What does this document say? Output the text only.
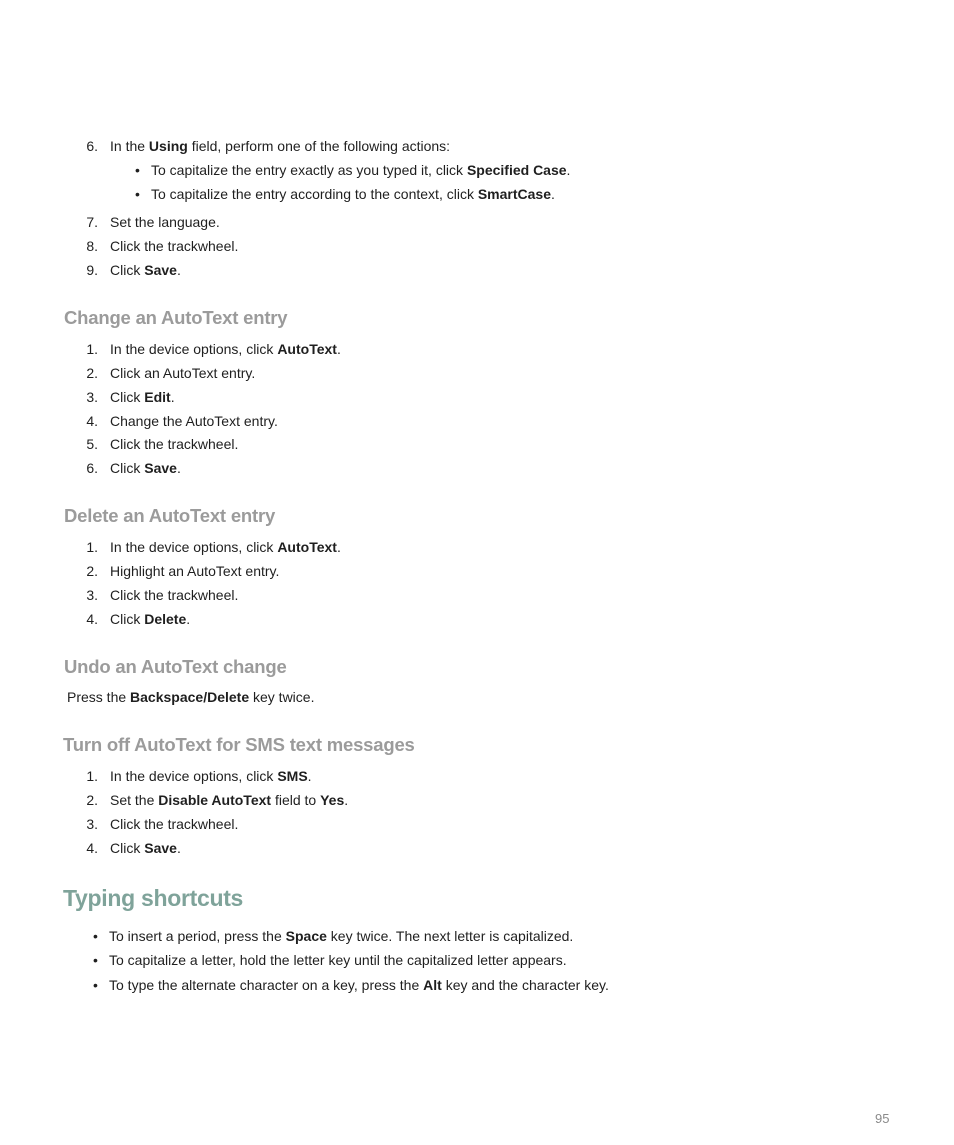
6. In the Using field, perform one of the following actions:
• To capitalize the entry exactly as you typed it, click Specified Case.
• To capitalize the entry according to the context, click SmartCase.
7. Set the language.
8. Click the trackwheel.
9. Click Save.
Change an AutoText entry
1. In the device options, click AutoText.
2. Click an AutoText entry.
3. Click Edit.
4. Change the AutoText entry.
5. Click the trackwheel.
6. Click Save.
Delete an AutoText entry
1. In the device options, click AutoText.
2. Highlight an AutoText entry.
3. Click the trackwheel.
4. Click Delete.
Undo an AutoText change
Press the Backspace/Delete key twice.
Turn off AutoText for SMS text messages
1. In the device options, click SMS.
2. Set the Disable AutoText field to Yes.
3. Click the trackwheel.
4. Click Save.
Typing shortcuts
• To insert a period, press the Space key twice. The next letter is capitalized.
• To capitalize a letter, hold the letter key until the capitalized letter appears.
• To type the alternate character on a key, press the Alt key and the character key.
95
